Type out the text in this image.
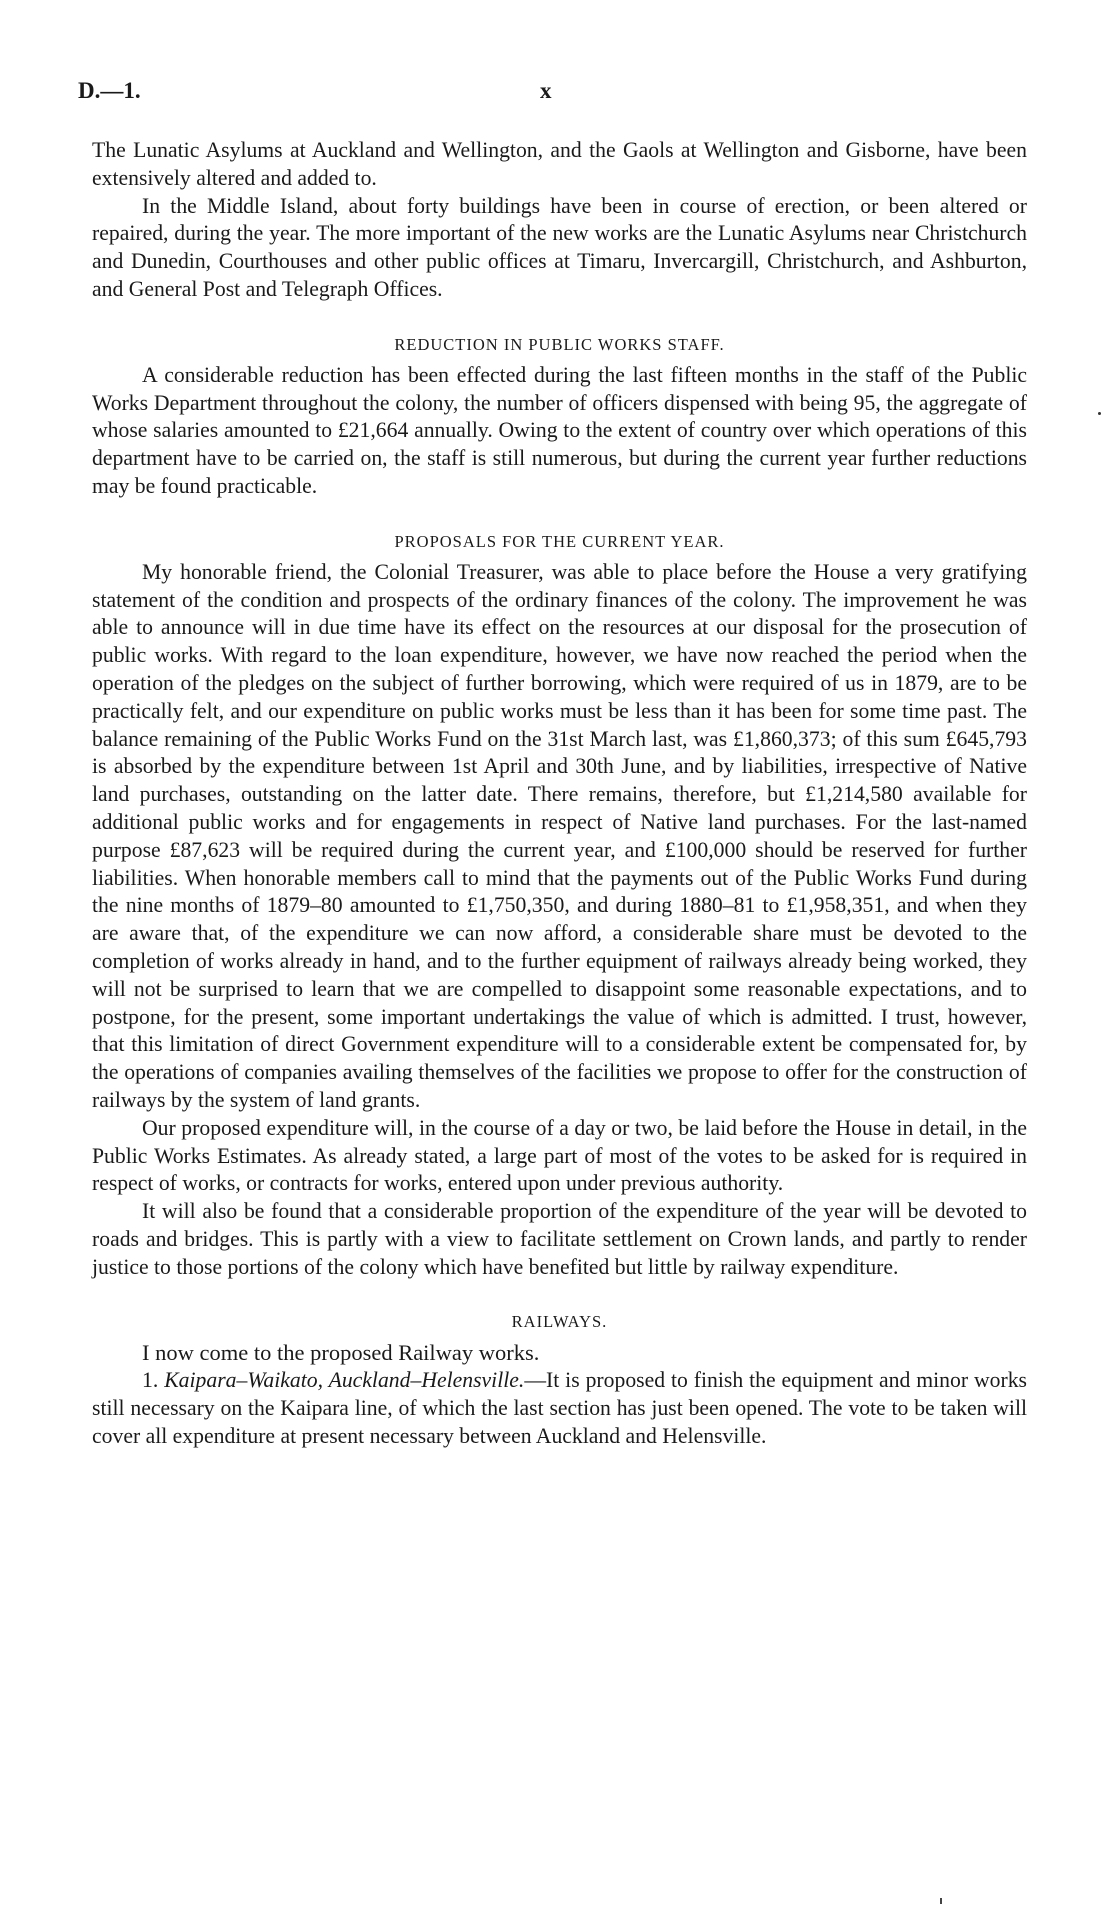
D.—1.	x

The Lunatic Asylums at Auckland and Wellington, and the Gaols at Wellington and Gisborne, have been extensively altered and added to.

In the Middle Island, about forty buildings have been in course of erection, or been altered or repaired, during the year. The more important of the new works are the Lunatic Asylums near Christchurch and Dunedin, Courthouses and other public offices at Timaru, Invercargill, Christchurch, and Ashburton, and General Post and Telegraph Offices.

REDUCTION IN PUBLIC WORKS STAFF.

A considerable reduction has been effected during the last fifteen months in the staff of the Public Works Department throughout the colony, the number of officers dispensed with being 95, the aggregate of whose salaries amounted to £21,664 annually. Owing to the extent of country over which operations of this department have to be carried on, the staff is still numerous, but during the current year further reductions may be found practicable.

PROPOSALS FOR THE CURRENT YEAR.

My honorable friend, the Colonial Treasurer, was able to place before the House a very gratifying statement of the condition and prospects of the ordinary finances of the colony. The improvement he was able to announce will in due time have its effect on the resources at our disposal for the prosecution of public works. With regard to the loan expenditure, however, we have now reached the period when the operation of the pledges on the subject of further borrowing, which were required of us in 1879, are to be practically felt, and our expenditure on public works must be less than it has been for some time past. The balance remaining of the Public Works Fund on the 31st March last, was £1,860,373; of this sum £645,793 is absorbed by the expenditure between 1st April and 30th June, and by liabilities, irrespective of Native land purchases, outstanding on the latter date. There remains, therefore, but £1,214,580 available for additional public works and for engagements in respect of Native land purchases. For the last-named purpose £87,623 will be required during the current year, and £100,000 should be reserved for further liabilities. When honorable members call to mind that the payments out of the Public Works Fund during the nine months of 1879–80 amounted to £1,750,350, and during 1880–81 to £1,958,351, and when they are aware that, of the expenditure we can now afford, a considerable share must be devoted to the completion of works already in hand, and to the further equipment of railways already being worked, they will not be surprised to learn that we are compelled to disappoint some reasonable expectations, and to postpone, for the present, some important undertakings the value of which is admitted. I trust, however, that this limitation of direct Government expenditure will to a considerable extent be compensated for, by the operations of companies availing themselves of the facilities we propose to offer for the construction of railways by the system of land grants.

Our proposed expenditure will, in the course of a day or two, be laid before the House in detail, in the Public Works Estimates. As already stated, a large part of most of the votes to be asked for is required in respect of works, or contracts for works, entered upon under previous authority.

It will also be found that a considerable proportion of the expenditure of the year will be devoted to roads and bridges. This is partly with a view to facilitate settlement on Crown lands, and partly to render justice to those portions of the colony which have benefited but little by railway expenditure.

RAILWAYS.

I now come to the proposed Railway works.

1. Kaipara–Waikato, Auckland–Helensville.—It is proposed to finish the equipment and minor works still necessary on the Kaipara line, of which the last section has just been opened. The vote to be taken will cover all expenditure at present necessary between Auckland and Helensville.
